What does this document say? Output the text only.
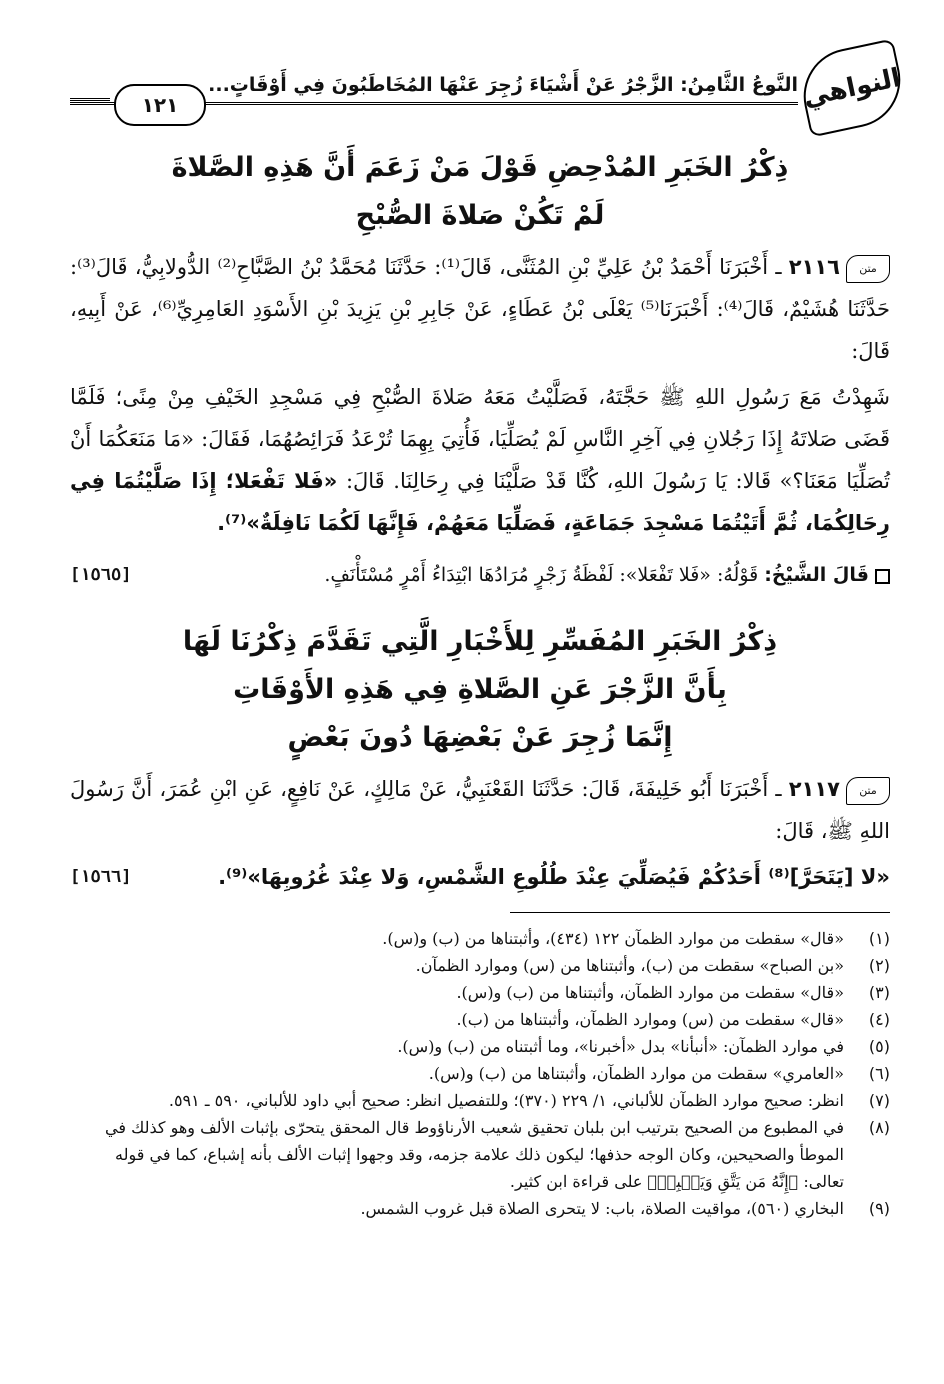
النواهي
النَّوعُ الثَّامِنُ: الزَّجْرُ عَنْ أَشْيَاءَ زُجِرَ عَنْهَا المُخَاطَبُونَ فِي أَوْقَاتٍ...
١٢١

ذِكْرُ الخَبَرِ المُدْحِضِ قَوْلَ مَنْ زَعَمَ أَنَّ هَذِهِ الصَّلاةَ

لَمْ تَكُنْ صَلاةَ الصُّبْحِ

متن٢١١٦ ـ أَخْبَرَنَا أَحْمَدُ بْنُ عَلِيِّ بْنِ المُثَنَّى، قَالَ⁽¹⁾: حَدَّثَنَا مُحَمَّدُ بْنُ الصَّبَّاحِ⁽²⁾ الدُّولابِيُّ، قَالَ⁽³⁾: حَدَّثَنَا هُشَيْمٌ، قَالَ⁽⁴⁾: أَخْبَرَنَا⁽⁵⁾ يَعْلَى بْنُ عَطَاءٍ، عَنْ جَابِرِ بْنِ يَزِيدَ بْنِ الأَسْوَدِ العَامِرِيِّ⁽⁶⁾، عَنْ أَبِيهِ، قَالَ:

شَهِدْتُ مَعَ رَسُولِ اللهِ ﷺ حَجَّتَهُ، فَصَلَّيْتُ مَعَهُ صَلاةَ الصُّبْحِ فِي مَسْجِدِ الخَيْفِ مِنْ مِنًى؛ فَلَمَّا قَضَى صَلاتَهُ إِذَا رَجُلانِ فِي آخِرِ النَّاسِ لَمْ يُصَلِّيَا، فَأُتِيَ بِهِمَا تُرْعَدُ فَرَائِصُهُمَا، فَقَالَ: «مَا مَنَعَكُمَا أَنْ تُصَلِّيَا مَعَنَا؟» قَالا: يَا رَسُولَ اللهِ، كُنَّا قَدْ صَلَّيْنَا فِي رِحَالِنَا. قَالَ: «فَلا تَفْعَلا؛ إِذَا صَلَّيْتُمَا فِي رِحَالِكُمَا، ثُمَّ أَتَيْتُمَا مَسْجِدَ جَمَاعَةٍ، فَصَلِّيَا مَعَهُمْ، فَإِنَّهَا لَكُمَا نَافِلَةٌ»⁽⁷⁾.

قَالَ الشَّيْخُ: قَوْلُهُ: «فَلا تَفْعَلا»: لَفْظَةُ زَجْرٍ مُرَادُهَا ابْتِدَاءُ أَمْرٍ مُسْتَأْنَفٍ.
[١٥٦٥]

ذِكْرُ الخَبَرِ المُفَسِّرِ لِلأَخْبَارِ الَّتِي تَقَدَّمَ ذِكْرُنَا لَهَا

بِأَنَّ الزَّجْرَ عَنِ الصَّلاةِ فِي هَذِهِ الأَوْقَاتِ

إِنَّمَا زُجِرَ عَنْ بَعْضِهَا دُونَ بَعْضٍ

متن٢١١٧ ـ أَخْبَرَنَا أَبُو خَلِيفَةَ، قَالَ: حَدَّثَنَا القَعْنَبِيُّ، عَنْ مَالِكٍ، عَنْ نَافِعٍ، عَنِ ابْنِ عُمَرَ، أَنَّ رَسُولَ اللهِ ﷺ، قَالَ:

«لا [يَتَحَرَّ]⁽⁸⁾ أَحَدُكُمْ فَيُصَلِّيَ عِنْدَ طُلُوعِ الشَّمْسِ، وَلا عِنْدَ غُرُوبِهَا»⁽⁹⁾.
[١٥٦٦]

(١)
«قال» سقطت من موارد الظمآن ١٢٢ (٤٣٤)، وأثبتناها من (ب) و(س).
(٢)
«بن الصباح» سقطت من (ب)، وأثبتناها من (س) وموارد الظمآن.
(٣)
«قال» سقطت من موارد الظمآن، وأثبتناها من (ب) و(س).
(٤)
«قال» سقطت من (س) وموارد الظمآن، وأثبتناها من (ب).
(٥)
في موارد الظمآن: «أنبأنا» بدل «أخبرنا»، وما أثبتناه من (ب) و(س).
(٦)
«العامري» سقطت من موارد الظمآن، وأثبتناها من (ب) و(س).
(٧)
انظر: صحيح موارد الظمآن للألباني، ١/ ٢٢٩ (٣٧٠)؛ وللتفصيل انظر: صحيح أبي داود للألباني، ٥٩٠ ـ ٥٩١.
(٨)
في المطبوع من الصحيح بترتيب ابن بلبان تحقيق شعيب الأرناؤوط قال المحقق يتحرّى بإثبات الألف وهو كذلك في الموطأ والصحيحين، وكان الوجه حذفها؛ ليكون ذلك علامة جزمه، وقد وجهوا إثبات الألف بأنه إشباع، كما في قوله تعالى: ﴿إِنَّهُ مَن يَتَّقِ وَيَصۡبِرۡ﴾ على قراءة ابن كثير.
(٩)
البخاري (٥٦٠)، مواقيت الصلاة، باب: لا يتحرى الصلاة قبل غروب الشمس.
